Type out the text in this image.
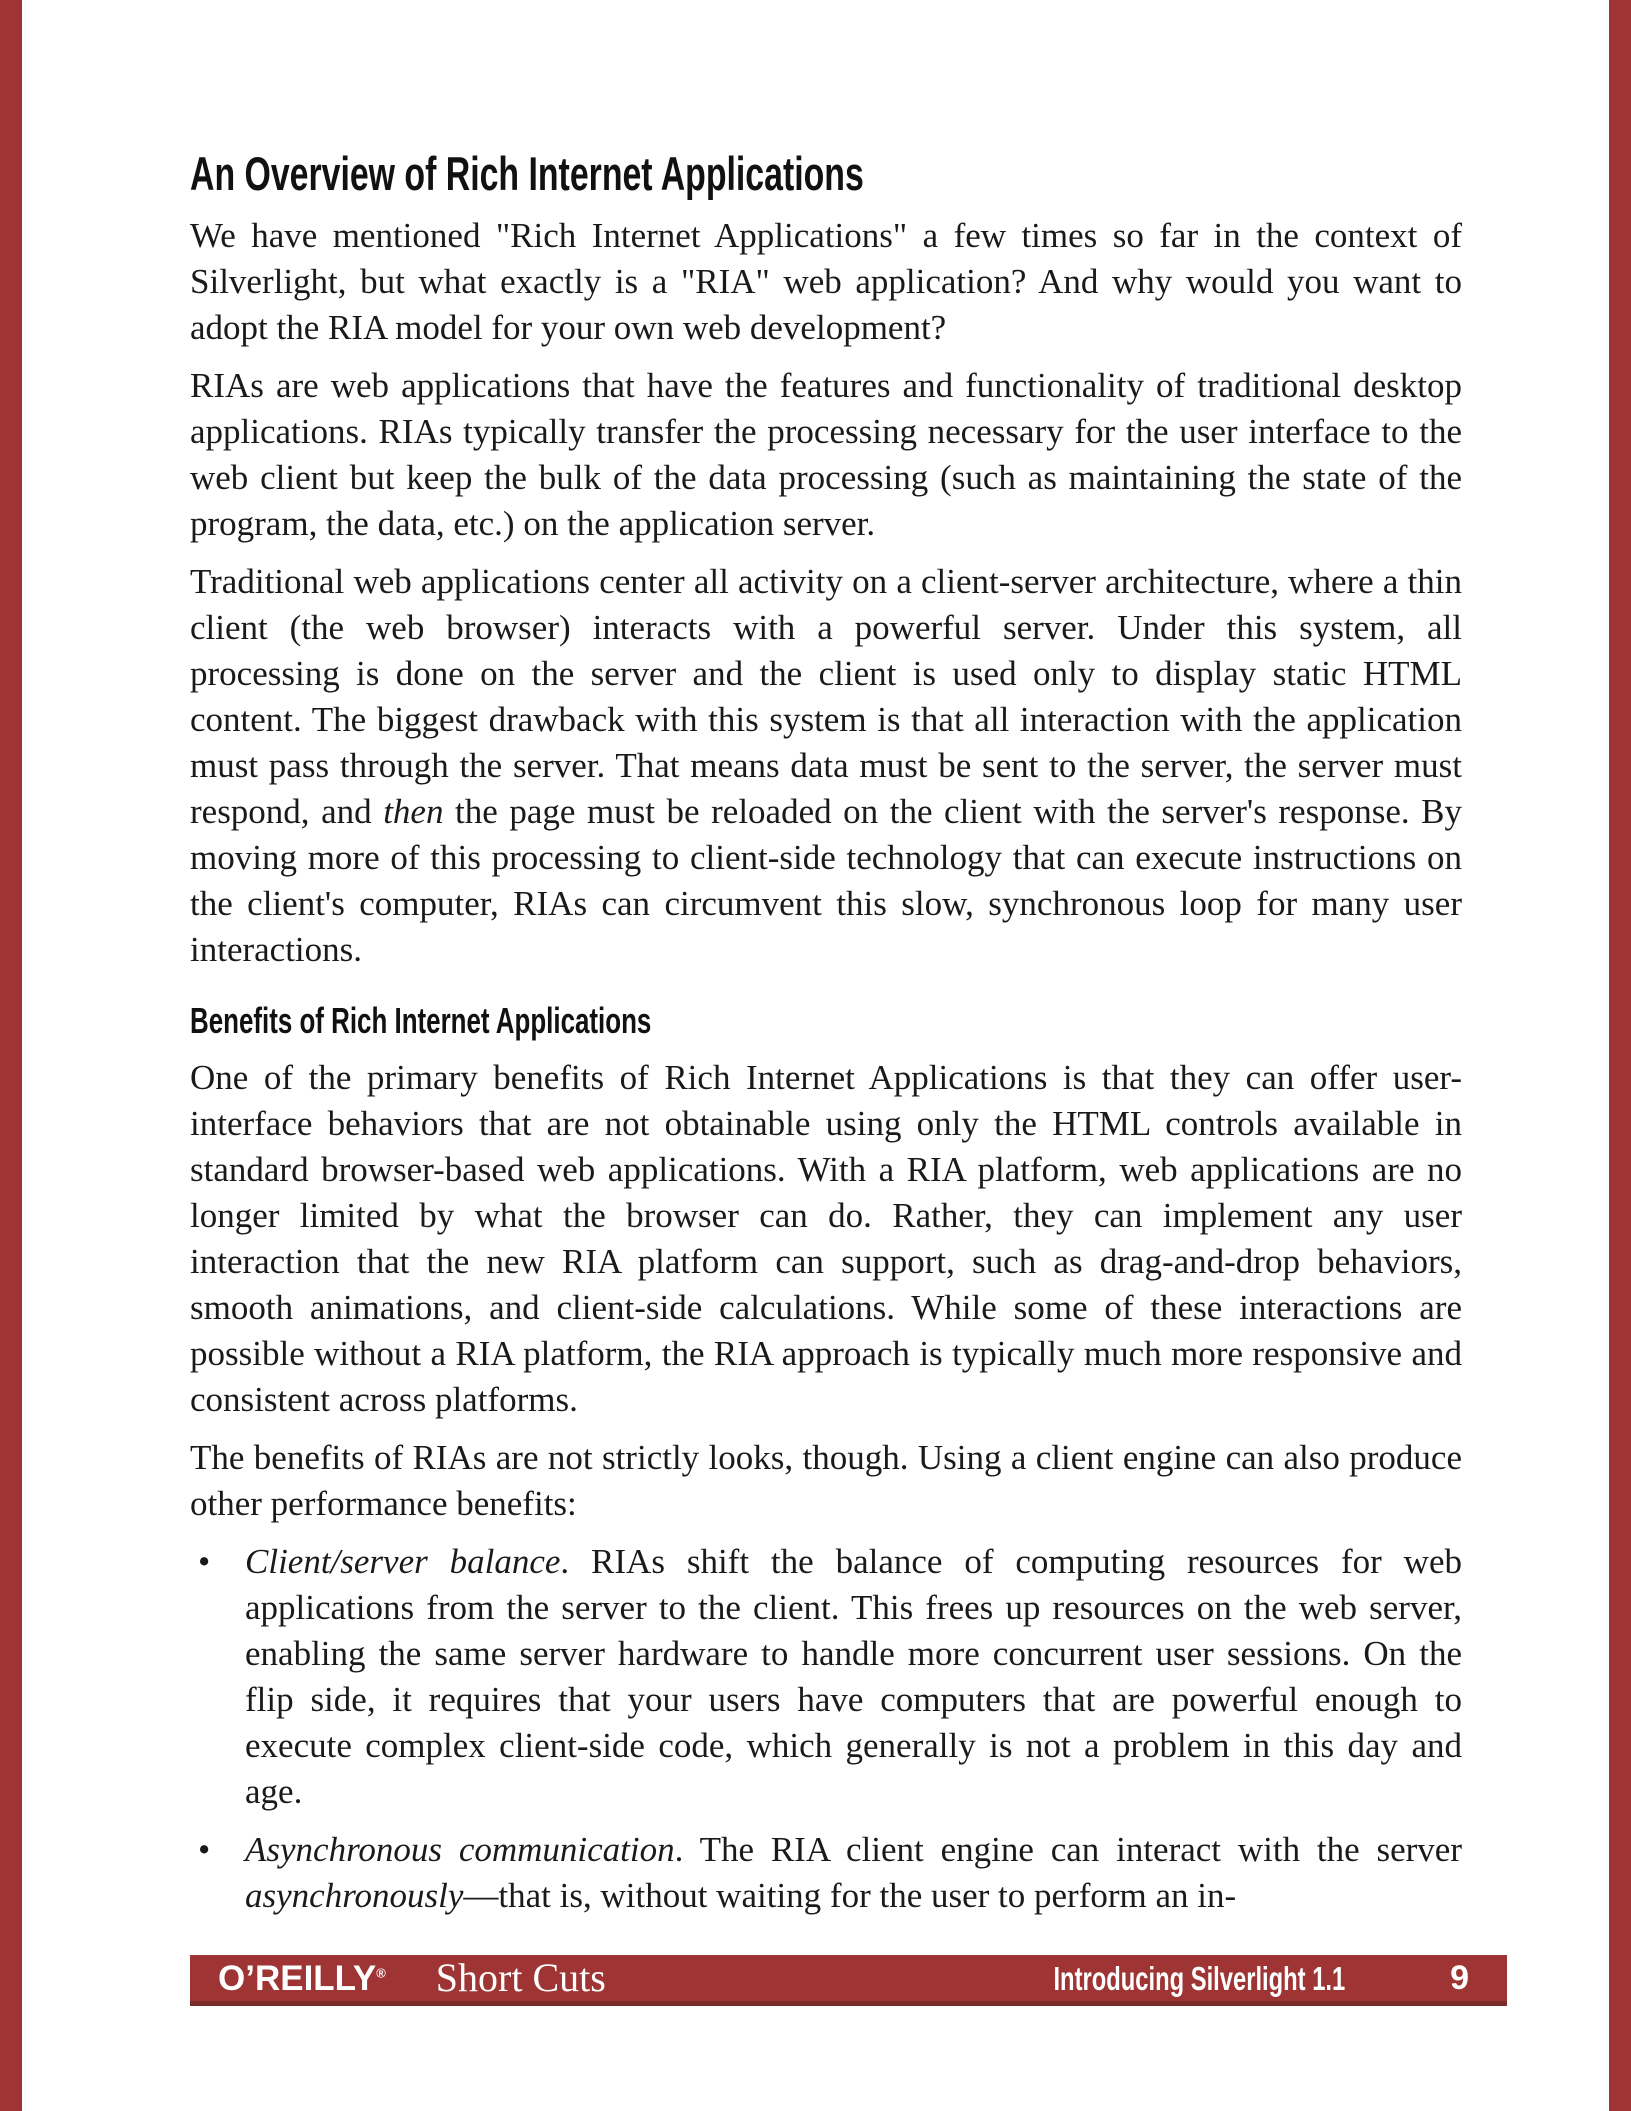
An Overview of Rich Internet Applications

We have mentioned "Rich Internet Applications" a few times so far in the context of Silverlight, but what exactly is a "RIA" web application? And why would you want to adopt the RIA model for your own web development?

RIAs are web applications that have the features and functionality of traditional desktop applications. RIAs typically transfer the processing necessary for the user interface to the web client but keep the bulk of the data processing (such as maintaining the state of the program, the data, etc.) on the application server.

Traditional web applications center all activity on a client-server architecture, where a thin client (the web browser) interacts with a powerful server. Under this system, all processing is done on the server and the client is used only to display static HTML content. The biggest drawback with this system is that all interaction with the application must pass through the server. That means data must be sent to the server, the server must respond, and then the page must be reloaded on the client with the server's response. By moving more of this processing to client-side technology that can execute instructions on the client's computer, RIAs can circumvent this slow, synchronous loop for many user interactions.

Benefits of Rich Internet Applications

One of the primary benefits of Rich Internet Applications is that they can offer user-interface behaviors that are not obtainable using only the HTML controls available in standard browser-based web applications. With a RIA platform, web applications are no longer limited by what the browser can do. Rather, they can implement any user interaction that the new RIA platform can support, such as drag-and-drop behaviors, smooth animations, and client-side calculations. While some of these interactions are possible without a RIA platform, the RIA approach is typically much more responsive and consistent across platforms.

The benefits of RIAs are not strictly looks, though. Using a client engine can also produce other performance benefits:

• Client/server balance. RIAs shift the balance of computing resources for web applications from the server to the client. This frees up resources on the web server, enabling the same server hardware to handle more concurrent user sessions. On the flip side, it requires that your users have computers that are powerful enough to execute complex client-side code, which generally is not a problem in this day and age.
• Asynchronous communication. The RIA client engine can interact with the server asynchronously—that is, without waiting for the user to perform an in-
O’REILLY® Short Cuts	Introducing Silverlight 1.1	9
